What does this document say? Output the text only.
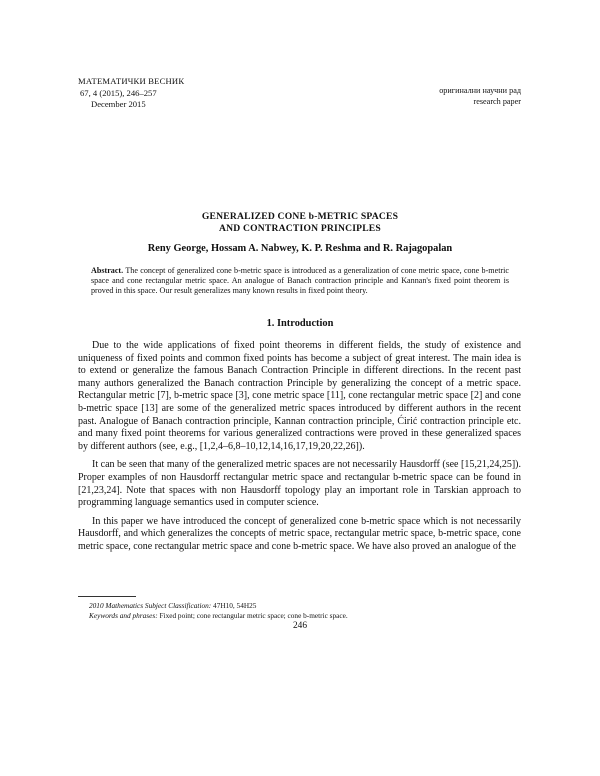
МАТЕМАТИЧКИ ВЕСНИК
67, 4 (2015), 246–257
December 2015
оригинални научни рад
research paper
GENERALIZED CONE b-METRIC SPACES
AND CONTRACTION PRINCIPLES
Reny George, Hossam A. Nabwey, K. P. Reshma and R. Rajagopalan
Abstract. The concept of generalized cone b-metric space is introduced as a generalization of cone metric space, cone b-metric space and cone rectangular metric space. An analogue of Banach contraction principle and Kannan's fixed point theorem is proved in this space. Our result generalizes many known results in fixed point theory.
1. Introduction

Due to the wide applications of fixed point theorems in different fields, the study of existence and uniqueness of fixed points and common fixed points has become a subject of great interest. The main idea is to extend or generalize the famous Banach Contraction Principle in different directions. In the recent past many authors generalized the Banach contraction Principle by generalizing the concept of a metric space. Rectangular metric [7], b-metric space [3], cone metric space [11], cone rectangular metric space [2] and cone b-metric space [13] are some of the generalized metric spaces introduced by different authors in the recent past. Analogue of Banach contraction principle, Kannan contraction principle, Ćirić contraction principle etc. and many fixed point theorems for various generalized contractions were proved in these generalized spaces by different authors (see, e.g., [1,2,4–6,8–10,12,14,16,17,19,20,22,26]).

It can be seen that many of the generalized metric spaces are not necessarily Hausdorff (see [15,21,24,25]). Proper examples of non Hausdorff rectangular metric space and rectangular b-metric space can be found in [21,23,24]. Note that spaces with non Hausdorff topology play an important role in Tarskian approach to programming language semantics used in computer science.

In this paper we have introduced the concept of generalized cone b-metric space which is not necessarily Hausdorff, and which generalizes the concepts of metric space, rectangular metric space, b-metric space, cone metric space, cone rectangular metric space and cone b-metric space. We have also proved an analogue of the

2010 Mathematics Subject Classification: 47H10, 54H25
Keywords and phrases: Fixed point; cone rectangular metric space; cone b-metric space.
246
